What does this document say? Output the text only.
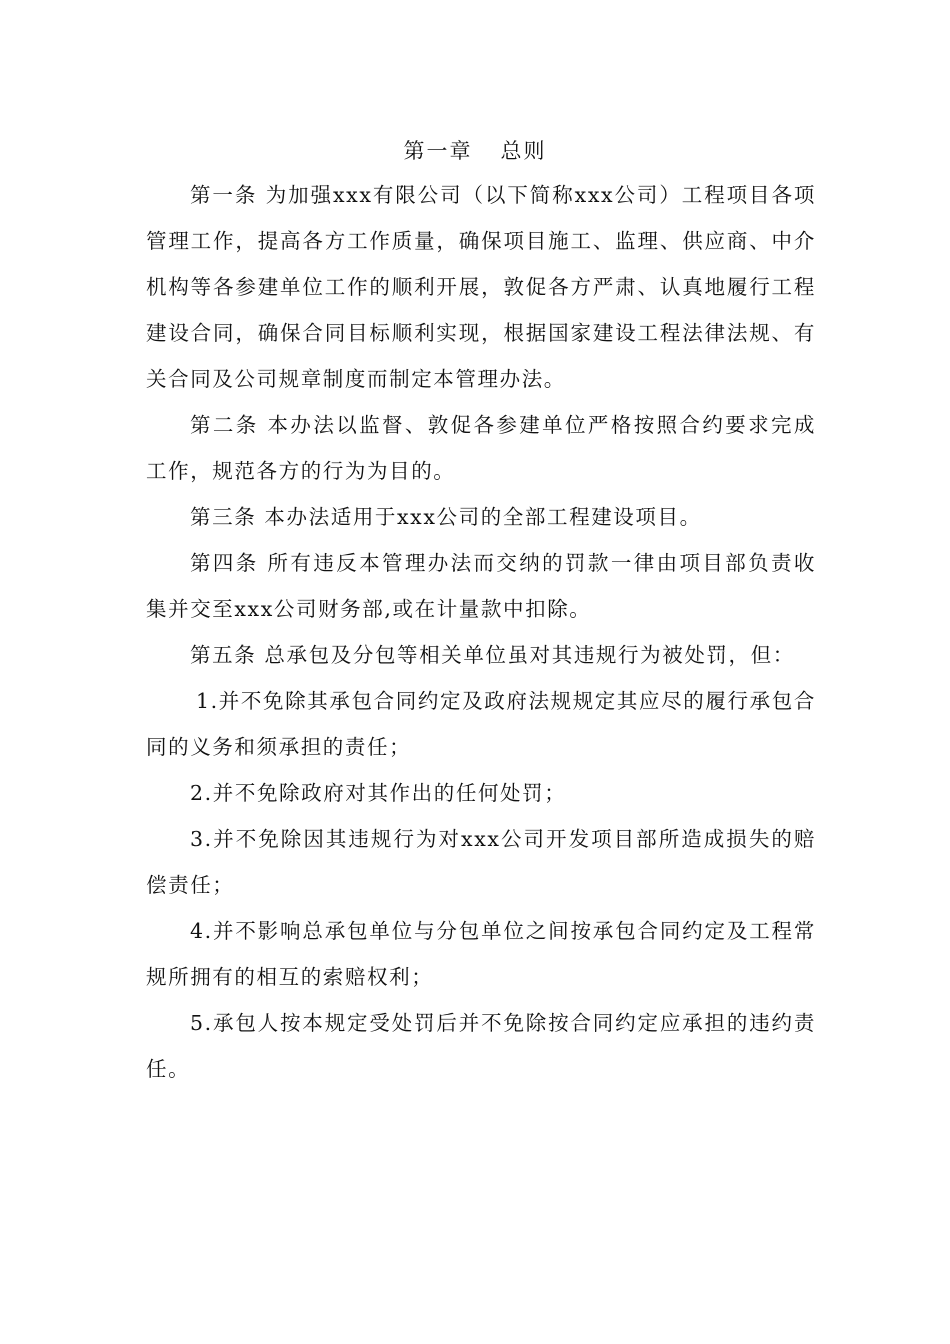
第一章 总则

第一条 为加强xxx有限公司（以下简称xxx公司）工程项目各项管理工作，提高各方工作质量，确保项目施工、监理、供应商、中介机构等各参建单位工作的顺利开展，敦促各方严肃、认真地履行工程建设合同，确保合同目标顺利实现，根据国家建设工程法律法规、有关合同及公司规章制度而制定本管理办法。

第二条 本办法以监督、敦促各参建单位严格按照合约要求完成工作，规范各方的行为为目的。

第三条 本办法适用于xxx公司的全部工程建设项目。

第四条 所有违反本管理办法而交纳的罚款一律由项目部负责收集并交至xxx公司财务部,或在计量款中扣除。

第五条 总承包及分包等相关单位虽对其违规行为被处罚，但：

1.并不免除其承包合同约定及政府法规规定其应尽的履行承包合同的义务和须承担的责任；

2.并不免除政府对其作出的任何处罚；

3.并不免除因其违规行为对xxx公司开发项目部所造成损失的赔偿责任；

4.并不影响总承包单位与分包单位之间按承包合同约定及工程常规所拥有的相互的索赔权利；

5.承包人按本规定受处罚后并不免除按合同约定应承担的违约责任。
